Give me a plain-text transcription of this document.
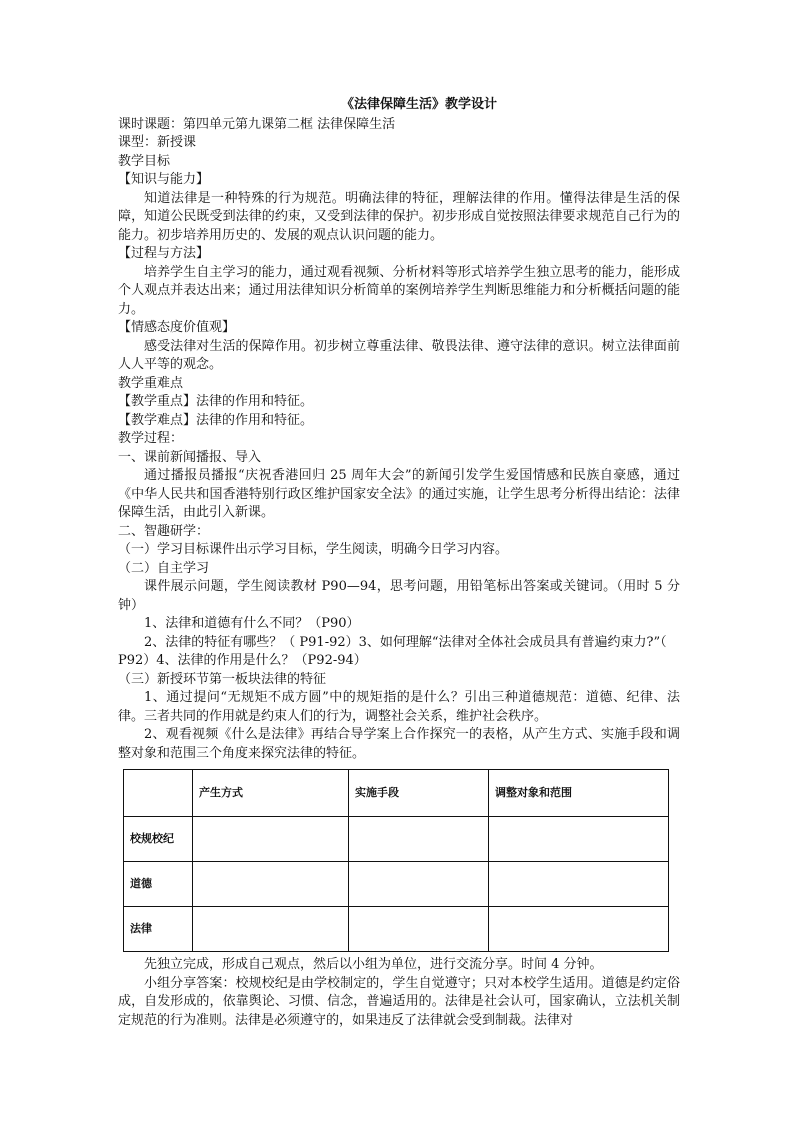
《法律保障生活》教学设计

课时课题：第四单元第九课第二框 法律保障生活

课型：新授课

教学目标

【知识与能力】

知道法律是一种特殊的行为规范。明确法律的特征，理解法律的作用。懂得法律是生活的保障，知道公民既受到法律的约束，又受到法律的保护。初步形成自觉按照法律要求规范自己行为的能力。初步培养用历史的、发展的观点认识问题的能力。

【过程与方法】

培养学生自主学习的能力，通过观看视频、分析材料等形式培养学生独立思考的能力，能形成个人观点并表达出来；通过用法律知识分析简单的案例培养学生判断思维能力和分析概括问题的能力。

【情感态度价值观】

感受法律对生活的保障作用。初步树立尊重法律、敬畏法律、遵守法律的意识。树立法律面前人人平等的观念。

教学重难点

【教学重点】法律的作用和特征。

【教学难点】法律的作用和特征。

教学过程：

一、课前新闻播报、导入

通过播报员播报“庆祝香港回归 25 周年大会”的新闻引发学生爱国情感和民族自豪感，通过《中华人民共和国香港特别行政区维护国家安全法》的通过实施，让学生思考分析得出结论：法律保障生活，由此引入新课。

二、智趣研学：

（一）学习目标课件出示学习目标，学生阅读，明确今日学习内容。

（二）自主学习

课件展示问题，学生阅读教材 P90—94，思考问题，用铅笔标出答案或关键词。（用时 5 分钟）

1、法律和道德有什么不同？（P90）

2、法律的特征有哪些？（ P91-92）3、如何理解“法律对全体社会成员具有普遍约束力?”（ P92）4、法律的作用是什么？（P92-94）

（三）新授环节第一板块法律的特征

1、通过提问“无规矩不成方圆”中的规矩指的是什么？引出三种道德规范：道德、纪律、法律。三者共同的作用就是约束人们的行为，调整社会关系，维护社会秩序。

2、观看视频《什么是法律》再结合导学案上合作探究一的表格，从产生方式、实施手段和调整对象和范围三个角度来探究法律的特征。

	产生方式	实施手段	调整对象和范围
校规校纪			
道德			
法律			

先独立完成，形成自己观点，然后以小组为单位，进行交流分享。时间 4 分钟。

小组分享答案：校规校纪是由学校制定的，学生自觉遵守；只对本校学生适用。道德是约定俗成，自发形成的，依靠舆论、习惯、信念，普遍适用的。法律是社会认可，国家确认，立法机关制定规范的行为准则。法律是必须遵守的，如果违反了法律就会受到制裁。法律对
